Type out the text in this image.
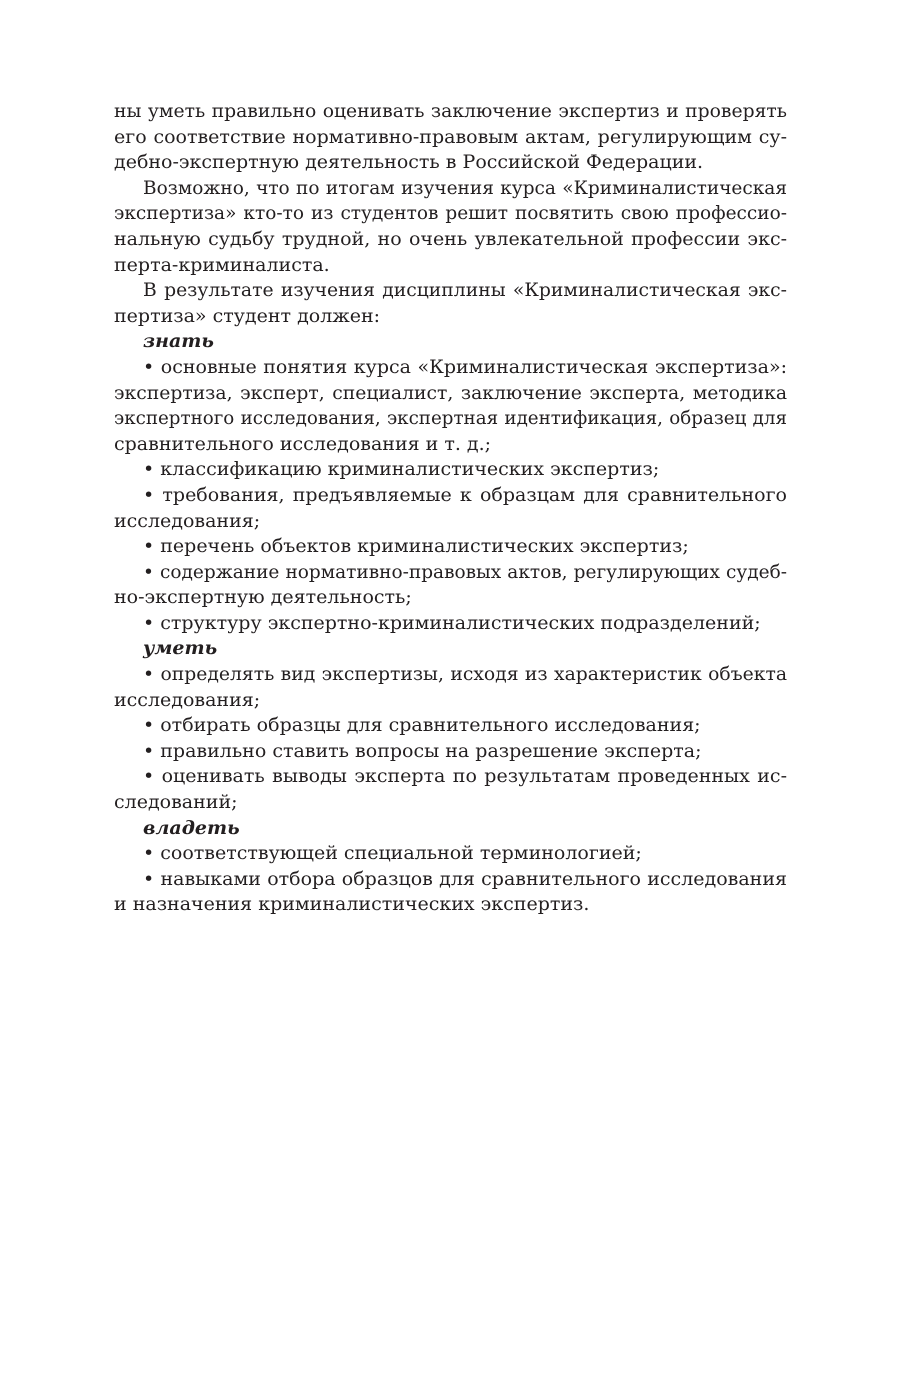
ны уметь правильно оценивать заключение экспертиз и проверять
его соответствие нормативно-правовым актам, регулирующим су-
дебно-экспертную деятельность в Российской Федерации.
Возможно, что по итогам изучения курса «Криминалистическая
экспертиза» кто-то из студентов решит посвятить свою профессио-
нальную судьбу трудной, но очень увлекательной профессии экс-
перта-криминалиста.
В результате изучения дисциплины «Криминалистическая экс-
пертиза» студент должен:
знать
• основные понятия курса «Криминалистическая экспертиза»:
экспертиза, эксперт, специалист, заключение эксперта, методика
экспертного исследования, экспертная идентификация, образец для
сравнительного исследования и т. д.;
• классификацию криминалистических экспертиз;
• требования, предъявляемые к образцам для сравнительного
исследования;
• перечень объектов криминалистических экспертиз;
• содержание нормативно-правовых актов, регулирующих судеб-
но-экспертную деятельность;
• структуру экспертно-криминалистических подразделений;
уметь
• определять вид экспертизы, исходя из характеристик объекта
исследования;
• отбирать образцы для сравнительного исследования;
• правильно ставить вопросы на разрешение эксперта;
• оценивать выводы эксперта по результатам проведенных ис-
следований;
владеть
• соответствующей специальной терминологией;
• навыками отбора образцов для сравнительного исследования
и назначения криминалистических экспертиз.
